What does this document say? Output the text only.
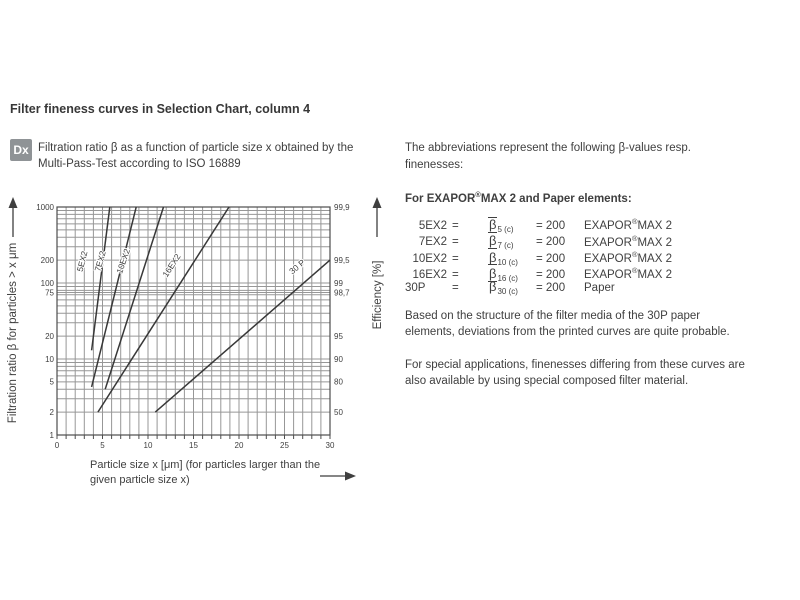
Filter fineness curves in Selection Chart, column 4
Dx Filtration ratio β as a function of particle size x obtained by the Multi-Pass-Test according to ISO 16889
Filtration ratio β for particles > x μm
1000
200
100
75
20
10
5
2
1
99,9
99,5
99
98,7
95
90
80
50
0	5	10	15	20	25	30
5EX2 7EX2 10EX2	16EX2	30 P	Efficiency [%]
Particle size x [μm] (for particles larger than the given particle size x)

The abbreviations represent the following β-values resp. finenesses:

For EXAPOR®MAX 2 and Paper elements:

5EX2 =	$\beta_{5 (c)}$	= 200	EXAPOR®MAX 2
7EX2 =	$\beta_{7 (c)}$	= 200	EXAPOR®MAX 2
10EX2 =	$\beta_{10 (c)}$	= 200	EXAPOR®MAX 2
16EX2 =	$\beta_{16 (c)}$	= 200	EXAPOR®MAX 2
30P	=	$\beta_{30 (c)}$	= 200	Paper

Based on the structure of the filter media of the 30P paper elements, deviations from the printed curves are quite probable.

For special applications, finenesses differing from these curves are also available by using special composed filter material.
